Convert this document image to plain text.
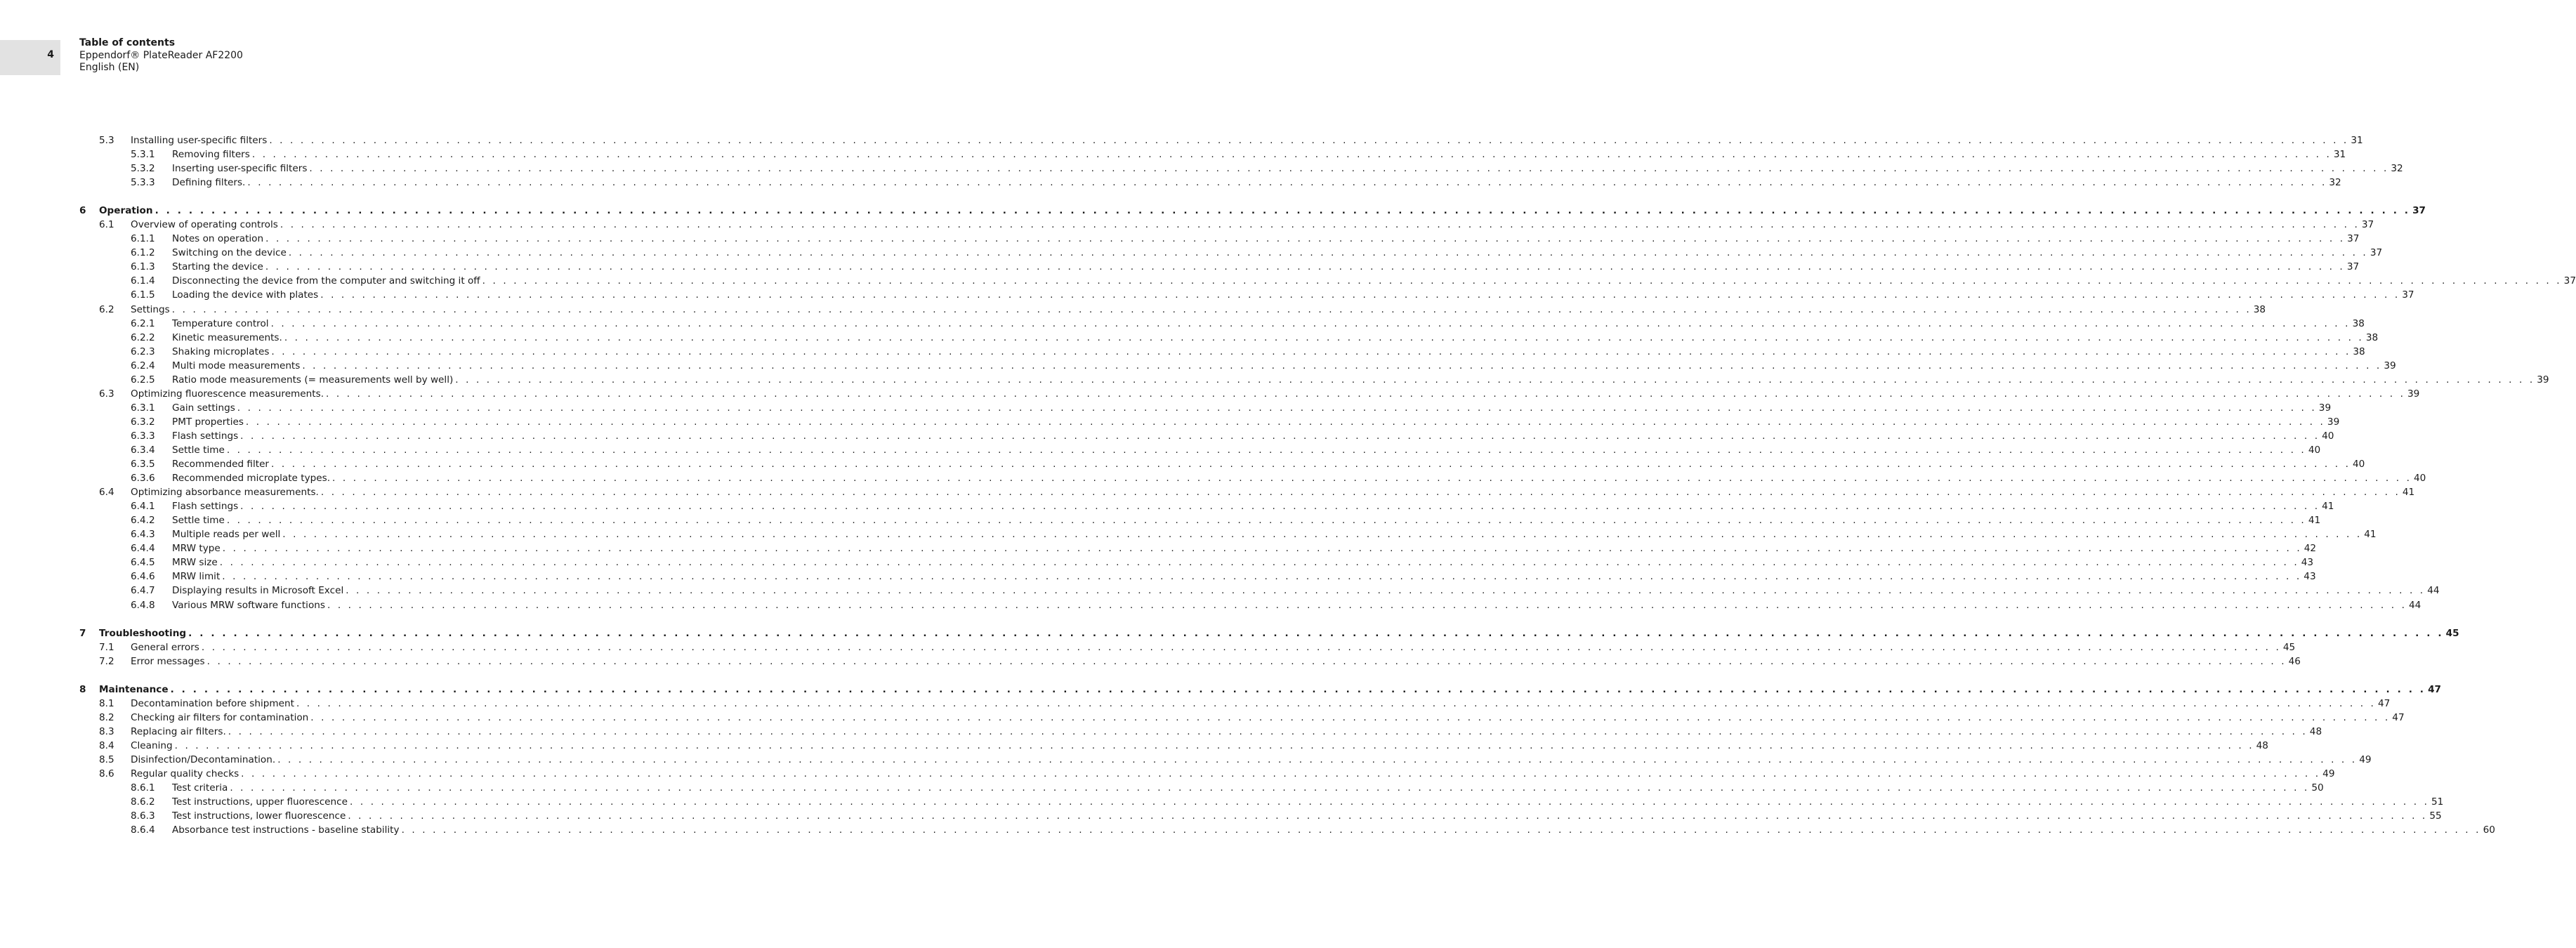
4
Table of contents
Eppendorf® PlateReader AF2200
English (EN)
5.3 Installing user-specific filters . . . . . . . . . . . . . . . . . . . . . . . . . . . . . . . . . . . . . . . . . . . . . . . . . . . . . . . . . . . . . . . . . . . . . . . . . . . . . . . . . . . . . . . . . . . . . . . . . . . . . . . . . . . . . . . . . . . . . . . . . . . . . . . . . . . . . . . . . . . . . . . . . . . . . . . . . . . . . . . . . . . . . . . . . . . . . . . . . . . . . . . . . . . . . . . . . . . . . . . . 31
5.3.1 Removing filters . . . . . . . . . . . . . . . . . . . . . . . . . . . . . . . . . . . . . . . . . . . . . . . . . . . . . . . . . . . . . . . . . . . . . . . . . . . . . . . . . . . . . . . . . . . . . . . . . . . . . . . . . . . . . . . . . . . . . . . . . . . . . . . . . . . . . . . . . . . . . . . . . . . . . . . . . . . . . . . . . . . . . . . . . . . . . . . . . . . . . . . . . . . . . . . . . . . . . . . . 31
5.3.2 Inserting user-specific filters . . . . . . . . . . . . . . . . . . . . . . . . . . . . . . . . . . . . . . . . . . . . . . . . . . . . . . . . . . . . . . . . . . . . . . . . . . . . . . . . . . . . . . . . . . . . . . . . . . . . . . . . . . . . . . . . . . . . . . . . . . . . . . . . . . . . . . . . . . . . . . . . . . . . . . . . . . . . . . . . . . . . . . . . . . . . . . . . . . . . . . . . . . . . . . . . . . . . . . . . 32
5.3.3 Defining filters. . . . . . . . . . . . . . . . . . . . . . . . . . . . . . . . . . . . . . . . . . . . . . . . . . . . . . . . . . . . . . . . . . . . . . . . . . . . . . . . . . . . . . . . . . . . . . . . . . . . . . . . . . . . . . . . . . . . . . . . . . . . . . . . . . . . . . . . . . . . . . . . . . . . . . . . . . . . . . . . . . . . . . . . . . . . . . . . . . . . . . . . . . . . . . . . . . . . . . . . . 32
6 Operation . . . . . . . . . . . . . . . . . . . . . . . . . . . . . . . . . . . . . . . . . . . . . . . . . . . . . . . . . . . . . . . . . . . . . . . . . . . . . . . . . . . . . . . . . . . . . . . . . . . . . . . . . . . . . . . . . . . . . . . . . . . . . . . . . . . . . . . . . . . . . . . . . . . . . . . . . . . . . . . . . . . . . . . . . . . . . . . . . . . . . . . . . . . . . . . . . . . . . . . . 37
6.1 Overview of operating controls . . . . . . . . . . . . . . . . . . . . . . . . . . . . . . . . . . . . . . . . . . . . . . . . . . . . . . . . . . . . . . . . . . . . . . . . . . . . . . . . . . . . . . . . . . . . . . . . . . . . . . . . . . . . . . . . . . . . . . . . . . . . . . . . . . . . . . . . . . . . . . . . . . . . . . . . . . . . . . . . . . . . . . . . . . . . . . . . . . . . . . . . . . . . . . . . . . . . . . . . 37
6.1.1 Notes on operation . . . . . . . . . . . . . . . . . . . . . . . . . . . . . . . . . . . . . . . . . . . . . . . . . . . . . . . . . . . . . . . . . . . . . . . . . . . . . . . . . . . . . . . . . . . . . . . . . . . . . . . . . . . . . . . . . . . . . . . . . . . . . . . . . . . . . . . . . . . . . . . . . . . . . . . . . . . . . . . . . . . . . . . . . . . . . . . . . . . . . . . . . . . . . . . . . . . . . . . . 37
6.1.2 Switching on the device . . . . . . . . . . . . . . . . . . . . . . . . . . . . . . . . . . . . . . . . . . . . . . . . . . . . . . . . . . . . . . . . . . . . . . . . . . . . . . . . . . . . . . . . . . . . . . . . . . . . . . . . . . . . . . . . . . . . . . . . . . . . . . . . . . . . . . . . . . . . . . . . . . . . . . . . . . . . . . . . . . . . . . . . . . . . . . . . . . . . . . . . . . . . . . . . . . . . . . . . 37
6.1.3 Starting the device . . . . . . . . . . . . . . . . . . . . . . . . . . . . . . . . . . . . . . . . . . . . . . . . . . . . . . . . . . . . . . . . . . . . . . . . . . . . . . . . . . . . . . . . . . . . . . . . . . . . . . . . . . . . . . . . . . . . . . . . . . . . . . . . . . . . . . . . . . . . . . . . . . . . . . . . . . . . . . . . . . . . . . . . . . . . . . . . . . . . . . . . . . . . . . . . . . . . . . . . 37
6.1.4 Disconnecting the device from the computer and switching it off . . . . . . . . . . . . . . . . . . . . . . . . . . . . . . . . . . . . . . . . . . . . . . . . . . . . . . . . . . . . . . . . . . . . . . . . . . . . . . . . . . . . . . . . . . . . . . . . . . . . . . . . . . . . . . . . . . . . . . . . . . . . . . . . . . . . . . . . . . . . . . . . . . . . . . . . . . . . . . . . . . . . . . . . . . . . . . . . . . . . . . . . . . . . . . . . . . . . . . . . 37
6.1.5 Loading the device with plates . . . . . . . . . . . . . . . . . . . . . . . . . . . . . . . . . . . . . . . . . . . . . . . . . . . . . . . . . . . . . . . . . . . . . . . . . . . . . . . . . . . . . . . . . . . . . . . . . . . . . . . . . . . . . . . . . . . . . . . . . . . . . . . . . . . . . . . . . . . . . . . . . . . . . . . . . . . . . . . . . . . . . . . . . . . . . . . . . . . . . . . . . . . . . . . . . . . . . . . . 37
6.2 Settings . . . . . . . . . . . . . . . . . . . . . . . . . . . . . . . . . . . . . . . . . . . . . . . . . . . . . . . . . . . . . . . . . . . . . . . . . . . . . . . . . . . . . . . . . . . . . . . . . . . . . . . . . . . . . . . . . . . . . . . . . . . . . . . . . . . . . . . . . . . . . . . . . . . . . . . . . . . . . . . . . . . . . . . . . . . . . . . . . . . . . . . . . . . . . . . . . . . . . . . . 38
6.2.1 Temperature control . . . . . . . . . . . . . . . . . . . . . . . . . . . . . . . . . . . . . . . . . . . . . . . . . . . . . . . . . . . . . . . . . . . . . . . . . . . . . . . . . . . . . . . . . . . . . . . . . . . . . . . . . . . . . . . . . . . . . . . . . . . . . . . . . . . . . . . . . . . . . . . . . . . . . . . . . . . . . . . . . . . . . . . . . . . . . . . . . . . . . . . . . . . . . . . . . . . . . . . . 38
6.2.2 Kinetic measurements. . . . . . . . . . . . . . . . . . . . . . . . . . . . . . . . . . . . . . . . . . . . . . . . . . . . . . . . . . . . . . . . . . . . . . . . . . . . . . . . . . . . . . . . . . . . . . . . . . . . . . . . . . . . . . . . . . . . . . . . . . . . . . . . . . . . . . . . . . . . . . . . . . . . . . . . . . . . . . . . . . . . . . . . . . . . . . . . . . . . . . . . . . . . . . . . . . . . . . . . . 38
6.2.3 Shaking microplates . . . . . . . . . . . . . . . . . . . . . . . . . . . . . . . . . . . . . . . . . . . . . . . . . . . . . . . . . . . . . . . . . . . . . . . . . . . . . . . . . . . . . . . . . . . . . . . . . . . . . . . . . . . . . . . . . . . . . . . . . . . . . . . . . . . . . . . . . . . . . . . . . . . . . . . . . . . . . . . . . . . . . . . . . . . . . . . . . . . . . . . . . . . . . . . . . . . . . . . . 38
6.2.4 Multi mode measurements . . . . . . . . . . . . . . . . . . . . . . . . . . . . . . . . . . . . . . . . . . . . . . . . . . . . . . . . . . . . . . . . . . . . . . . . . . . . . . . . . . . . . . . . . . . . . . . . . . . . . . . . . . . . . . . . . . . . . . . . . . . . . . . . . . . . . . . . . . . . . . . . . . . . . . . . . . . . . . . . . . . . . . . . . . . . . . . . . . . . . . . . . . . . . . . . . . . . . . . . 39
6.2.5 Ratio mode measurements (= measurements well by well) . . . . . . . . . . . . . . . . . . . . . . . . . . . . . . . . . . . . . . . . . . . . . . . . . . . . . . . . . . . . . . . . . . . . . . . . . . . . . . . . . . . . . . . . . . . . . . . . . . . . . . . . . . . . . . . . . . . . . . . . . . . . . . . . . . . . . . . . . . . . . . . . . . . . . . . . . . . . . . . . . . . . . . . . . . . . . . . . . . . . . . . . . . . . . . . . . . . . . . . . 39
6.3 Optimizing fluorescence measurements. . . . . . . . . . . . . . . . . . . . . . . . . . . . . . . . . . . . . . . . . . . . . . . . . . . . . . . . . . . . . . . . . . . . . . . . . . . . . . . . . . . . . . . . . . . . . . . . . . . . . . . . . . . . . . . . . . . . . . . . . . . . . . . . . . . . . . . . . . . . . . . . . . . . . . . . . . . . . . . . . . . . . . . . . . . . . . . . . . . . . . . . . . . . . . . . . . . . . . . . . 39
6.3.1 Gain settings . . . . . . . . . . . . . . . . . . . . . . . . . . . . . . . . . . . . . . . . . . . . . . . . . . . . . . . . . . . . . . . . . . . . . . . . . . . . . . . . . . . . . . . . . . . . . . . . . . . . . . . . . . . . . . . . . . . . . . . . . . . . . . . . . . . . . . . . . . . . . . . . . . . . . . . . . . . . . . . . . . . . . . . . . . . . . . . . . . . . . . . . . . . . . . . . . . . . . . . . 39
6.3.2 PMT properties . . . . . . . . . . . . . . . . . . . . . . . . . . . . . . . . . . . . . . . . . . . . . . . . . . . . . . . . . . . . . . . . . . . . . . . . . . . . . . . . . . . . . . . . . . . . . . . . . . . . . . . . . . . . . . . . . . . . . . . . . . . . . . . . . . . . . . . . . . . . . . . . . . . . . . . . . . . . . . . . . . . . . . . . . . . . . . . . . . . . . . . . . . . . . . . . . . . . . . . . 39
6.3.3 Flash settings . . . . . . . . . . . . . . . . . . . . . . . . . . . . . . . . . . . . . . . . . . . . . . . . . . . . . . . . . . . . . . . . . . . . . . . . . . . . . . . . . . . . . . . . . . . . . . . . . . . . . . . . . . . . . . . . . . . . . . . . . . . . . . . . . . . . . . . . . . . . . . . . . . . . . . . . . . . . . . . . . . . . . . . . . . . . . . . . . . . . . . . . . . . . . . . . . . . . . . . . 40
6.3.4 Settle time . . . . . . . . . . . . . . . . . . . . . . . . . . . . . . . . . . . . . . . . . . . . . . . . . . . . . . . . . . . . . . . . . . . . . . . . . . . . . . . . . . . . . . . . . . . . . . . . . . . . . . . . . . . . . . . . . . . . . . . . . . . . . . . . . . . . . . . . . . . . . . . . . . . . . . . . . . . . . . . . . . . . . . . . . . . . . . . . . . . . . . . . . . . . . . . . . . . . . . . . 40
6.3.5 Recommended filter . . . . . . . . . . . . . . . . . . . . . . . . . . . . . . . . . . . . . . . . . . . . . . . . . . . . . . . . . . . . . . . . . . . . . . . . . . . . . . . . . . . . . . . . . . . . . . . . . . . . . . . . . . . . . . . . . . . . . . . . . . . . . . . . . . . . . . . . . . . . . . . . . . . . . . . . . . . . . . . . . . . . . . . . . . . . . . . . . . . . . . . . . . . . . . . . . . . . . . . . 40
6.3.6 Recommended microplate types. . . . . . . . . . . . . . . . . . . . . . . . . . . . . . . . . . . . . . . . . . . . . . . . . . . . . . . . . . . . . . . . . . . . . . . . . . . . . . . . . . . . . . . . . . . . . . . . . . . . . . . . . . . . . . . . . . . . . . . . . . . . . . . . . . . . . . . . . . . . . . . . . . . . . . . . . . . . . . . . . . . . . . . . . . . . . . . . . . . . . . . . . . . . . . . . . . . . . . . . . 40
6.4 Optimizing absorbance measurements. . . . . . . . . . . . . . . . . . . . . . . . . . . . . . . . . . . . . . . . . . . . . . . . . . . . . . . . . . . . . . . . . . . . . . . . . . . . . . . . . . . . . . . . . . . . . . . . . . . . . . . . . . . . . . . . . . . . . . . . . . . . . . . . . . . . . . . . . . . . . . . . . . . . . . . . . . . . . . . . . . . . . . . . . . . . . . . . . . . . . . . . . . . . . . . . . . . . . . . . . 41
6.4.1 Flash settings . . . . . . . . . . . . . . . . . . . . . . . . . . . . . . . . . . . . . . . . . . . . . . . . . . . . . . . . . . . . . . . . . . . . . . . . . . . . . . . . . . . . . . . . . . . . . . . . . . . . . . . . . . . . . . . . . . . . . . . . . . . . . . . . . . . . . . . . . . . . . . . . . . . . . . . . . . . . . . . . . . . . . . . . . . . . . . . . . . . . . . . . . . . . . . . . . . . . . . . . 41
6.4.2 Settle time . . . . . . . . . . . . . . . . . . . . . . . . . . . . . . . . . . . . . . . . . . . . . . . . . . . . . . . . . . . . . . . . . . . . . . . . . . . . . . . . . . . . . . . . . . . . . . . . . . . . . . . . . . . . . . . . . . . . . . . . . . . . . . . . . . . . . . . . . . . . . . . . . . . . . . . . . . . . . . . . . . . . . . . . . . . . . . . . . . . . . . . . . . . . . . . . . . . . . . . . 41
6.4.3 Multiple reads per well . . . . . . . . . . . . . . . . . . . . . . . . . . . . . . . . . . . . . . . . . . . . . . . . . . . . . . . . . . . . . . . . . . . . . . . . . . . . . . . . . . . . . . . . . . . . . . . . . . . . . . . . . . . . . . . . . . . . . . . . . . . . . . . . . . . . . . . . . . . . . . . . . . . . . . . . . . . . . . . . . . . . . . . . . . . . . . . . . . . . . . . . . . . . . . . . . . . . . . . . 41
6.4.4 MRW type . . . . . . . . . . . . . . . . . . . . . . . . . . . . . . . . . . . . . . . . . . . . . . . . . . . . . . . . . . . . . . . . . . . . . . . . . . . . . . . . . . . . . . . . . . . . . . . . . . . . . . . . . . . . . . . . . . . . . . . . . . . . . . . . . . . . . . . . . . . . . . . . . . . . . . . . . . . . . . . . . . . . . . . . . . . . . . . . . . . . . . . . . . . . . . . . . . . . . . . . 42
6.4.5 MRW size . . . . . . . . . . . . . . . . . . . . . . . . . . . . . . . . . . . . . . . . . . . . . . . . . . . . . . . . . . . . . . . . . . . . . . . . . . . . . . . . . . . . . . . . . . . . . . . . . . . . . . . . . . . . . . . . . . . . . . . . . . . . . . . . . . . . . . . . . . . . . . . . . . . . . . . . . . . . . . . . . . . . . . . . . . . . . . . . . . . . . . . . . . . . . . . . . . . . . . . . 43
6.4.6 MRW limit . . . . . . . . . . . . . . . . . . . . . . . . . . . . . . . . . . . . . . . . . . . . . . . . . . . . . . . . . . . . . . . . . . . . . . . . . . . . . . . . . . . . . . . . . . . . . . . . . . . . . . . . . . . . . . . . . . . . . . . . . . . . . . . . . . . . . . . . . . . . . . . . . . . . . . . . . . . . . . . . . . . . . . . . . . . . . . . . . . . . . . . . . . . . . . . . . . . . . . . . 43
6.4.7 Displaying results in Microsoft Excel . . . . . . . . . . . . . . . . . . . . . . . . . . . . . . . . . . . . . . . . . . . . . . . . . . . . . . . . . . . . . . . . . . . . . . . . . . . . . . . . . . . . . . . . . . . . . . . . . . . . . . . . . . . . . . . . . . . . . . . . . . . . . . . . . . . . . . . . . . . . . . . . . . . . . . . . . . . . . . . . . . . . . . . . . . . . . . . . . . . . . . . . . . . . . . . . . . . . . . . . 44
6.4.8 Various MRW software functions . . . . . . . . . . . . . . . . . . . . . . . . . . . . . . . . . . . . . . . . . . . . . . . . . . . . . . . . . . . . . . . . . . . . . . . . . . . . . . . . . . . . . . . . . . . . . . . . . . . . . . . . . . . . . . . . . . . . . . . . . . . . . . . . . . . . . . . . . . . . . . . . . . . . . . . . . . . . . . . . . . . . . . . . . . . . . . . . . . . . . . . . . . . . . . . . . . . . . . . . 44
7 Troubleshooting . . . . . . . . . . . . . . . . . . . . . . . . . . . . . . . . . . . . . . . . . . . . . . . . . . . . . . . . . . . . . . . . . . . . . . . . . . . . . . . . . . . . . . . . . . . . . . . . . . . . . . . . . . . . . . . . . . . . . . . . . . . . . . . . . . . . . . . . . . . . . . . . . . . . . . . . . . . . . . . . . . . . . . . . . . . . . . . . . . . . . . . . . . . . . . . . . . . . . . . . 45
7.1 General errors . . . . . . . . . . . . . . . . . . . . . . . . . . . . . . . . . . . . . . . . . . . . . . . . . . . . . . . . . . . . . . . . . . . . . . . . . . . . . . . . . . . . . . . . . . . . . . . . . . . . . . . . . . . . . . . . . . . . . . . . . . . . . . . . . . . . . . . . . . . . . . . . . . . . . . . . . . . . . . . . . . . . . . . . . . . . . . . . . . . . . . . . . . . . . . . . . . . . . . . . 45
7.2 Error messages . . . . . . . . . . . . . . . . . . . . . . . . . . . . . . . . . . . . . . . . . . . . . . . . . . . . . . . . . . . . . . . . . . . . . . . . . . . . . . . . . . . . . . . . . . . . . . . . . . . . . . . . . . . . . . . . . . . . . . . . . . . . . . . . . . . . . . . . . . . . . . . . . . . . . . . . . . . . . . . . . . . . . . . . . . . . . . . . . . . . . . . . . . . . . . . . . . . . . . . . 46
8 Maintenance . . . . . . . . . . . . . . . . . . . . . . . . . . . . . . . . . . . . . . . . . . . . . . . . . . . . . . . . . . . . . . . . . . . . . . . . . . . . . . . . . . . . . . . . . . . . . . . . . . . . . . . . . . . . . . . . . . . . . . . . . . . . . . . . . . . . . . . . . . . . . . . . . . . . . . . . . . . . . . . . . . . . . . . . . . . . . . . . . . . . . . . . . . . . . . . . . . . . . . . . 47
8.1 Decontamination before shipment . . . . . . . . . . . . . . . . . . . . . . . . . . . . . . . . . . . . . . . . . . . . . . . . . . . . . . . . . . . . . . . . . . . . . . . . . . . . . . . . . . . . . . . . . . . . . . . . . . . . . . . . . . . . . . . . . . . . . . . . . . . . . . . . . . . . . . . . . . . . . . . . . . . . . . . . . . . . . . . . . . . . . . . . . . . . . . . . . . . . . . . . . . . . . . . . . . . . . . . . 47
8.2 Checking air filters for contamination . . . . . . . . . . . . . . . . . . . . . . . . . . . . . . . . . . . . . . . . . . . . . . . . . . . . . . . . . . . . . . . . . . . . . . . . . . . . . . . . . . . . . . . . . . . . . . . . . . . . . . . . . . . . . . . . . . . . . . . . . . . . . . . . . . . . . . . . . . . . . . . . . . . . . . . . . . . . . . . . . . . . . . . . . . . . . . . . . . . . . . . . . . . . . . . . . . . . . . . . 47
8.3 Replacing air filters. . . . . . . . . . . . . . . . . . . . . . . . . . . . . . . . . . . . . . . . . . . . . . . . . . . . . . . . . . . . . . . . . . . . . . . . . . . . . . . . . . . . . . . . . . . . . . . . . . . . . . . . . . . . . . . . . . . . . . . . . . . . . . . . . . . . . . . . . . . . . . . . . . . . . . . . . . . . . . . . . . . . . . . . . . . . . . . . . . . . . . . . . . . . . . . . . . . . . . . . . 48
8.4 Cleaning . . . . . . . . . . . . . . . . . . . . . . . . . . . . . . . . . . . . . . . . . . . . . . . . . . . . . . . . . . . . . . . . . . . . . . . . . . . . . . . . . . . . . . . . . . . . . . . . . . . . . . . . . . . . . . . . . . . . . . . . . . . . . . . . . . . . . . . . . . . . . . . . . . . . . . . . . . . . . . . . . . . . . . . . . . . . . . . . . . . . . . . . . . . . . . . . . . . . . . . . 48
8.5 Disinfection/Decontamination. . . . . . . . . . . . . . . . . . . . . . . . . . . . . . . . . . . . . . . . . . . . . . . . . . . . . . . . . . . . . . . . . . . . . . . . . . . . . . . . . . . . . . . . . . . . . . . . . . . . . . . . . . . . . . . . . . . . . . . . . . . . . . . . . . . . . . . . . . . . . . . . . . . . . . . . . . . . . . . . . . . . . . . . . . . . . . . . . . . . . . . . . . . . . . . . . . . . . . . . . 49
8.6 Regular quality checks . . . . . . . . . . . . . . . . . . . . . . . . . . . . . . . . . . . . . . . . . . . . . . . . . . . . . . . . . . . . . . . . . . . . . . . . . . . . . . . . . . . . . . . . . . . . . . . . . . . . . . . . . . . . . . . . . . . . . . . . . . . . . . . . . . . . . . . . . . . . . . . . . . . . . . . . . . . . . . . . . . . . . . . . . . . . . . . . . . . . . . . . . . . . . . . . . . . . . . . . 49
8.6.1 Test criteria . . . . . . . . . . . . . . . . . . . . . . . . . . . . . . . . . . . . . . . . . . . . . . . . . . . . . . . . . . . . . . . . . . . . . . . . . . . . . . . . . . . . . . . . . . . . . . . . . . . . . . . . . . . . . . . . . . . . . . . . . . . . . . . . . . . . . . . . . . . . . . . . . . . . . . . . . . . . . . . . . . . . . . . . . . . . . . . . . . . . . . . . . . . . . . . . . . . . . . . . 50
8.6.2 Test instructions, upper fluorescence . . . . . . . . . . . . . . . . . . . . . . . . . . . . . . . . . . . . . . . . . . . . . . . . . . . . . . . . . . . . . . . . . . . . . . . . . . . . . . . . . . . . . . . . . . . . . . . . . . . . . . . . . . . . . . . . . . . . . . . . . . . . . . . . . . . . . . . . . . . . . . . . . . . . . . . . . . . . . . . . . . . . . . . . . . . . . . . . . . . . . . . . . . . . . . . . . . . . . . . . 51
8.6.3 Test instructions, lower fluorescence . . . . . . . . . . . . . . . . . . . . . . . . . . . . . . . . . . . . . . . . . . . . . . . . . . . . . . . . . . . . . . . . . . . . . . . . . . . . . . . . . . . . . . . . . . . . . . . . . . . . . . . . . . . . . . . . . . . . . . . . . . . . . . . . . . . . . . . . . . . . . . . . . . . . . . . . . . . . . . . . . . . . . . . . . . . . . . . . . . . . . . . . . . . . . . . . . . . . . . . . 55
8.6.4 Absorbance test instructions - baseline stability . . . . . . . . . . . . . . . . . . . . . . . . . . . . . . . . . . . . . . . . . . . . . . . . . . . . . . . . . . . . . . . . . . . . . . . . . . . . . . . . . . . . . . . . . . . . . . . . . . . . . . . . . . . . . . . . . . . . . . . . . . . . . . . . . . . . . . . . . . . . . . . . . . . . . . . . . . . . . . . . . . . . . . . . . . . . . . . . . . . . . . . . . . . . . . . . . . . . . . . . 60
